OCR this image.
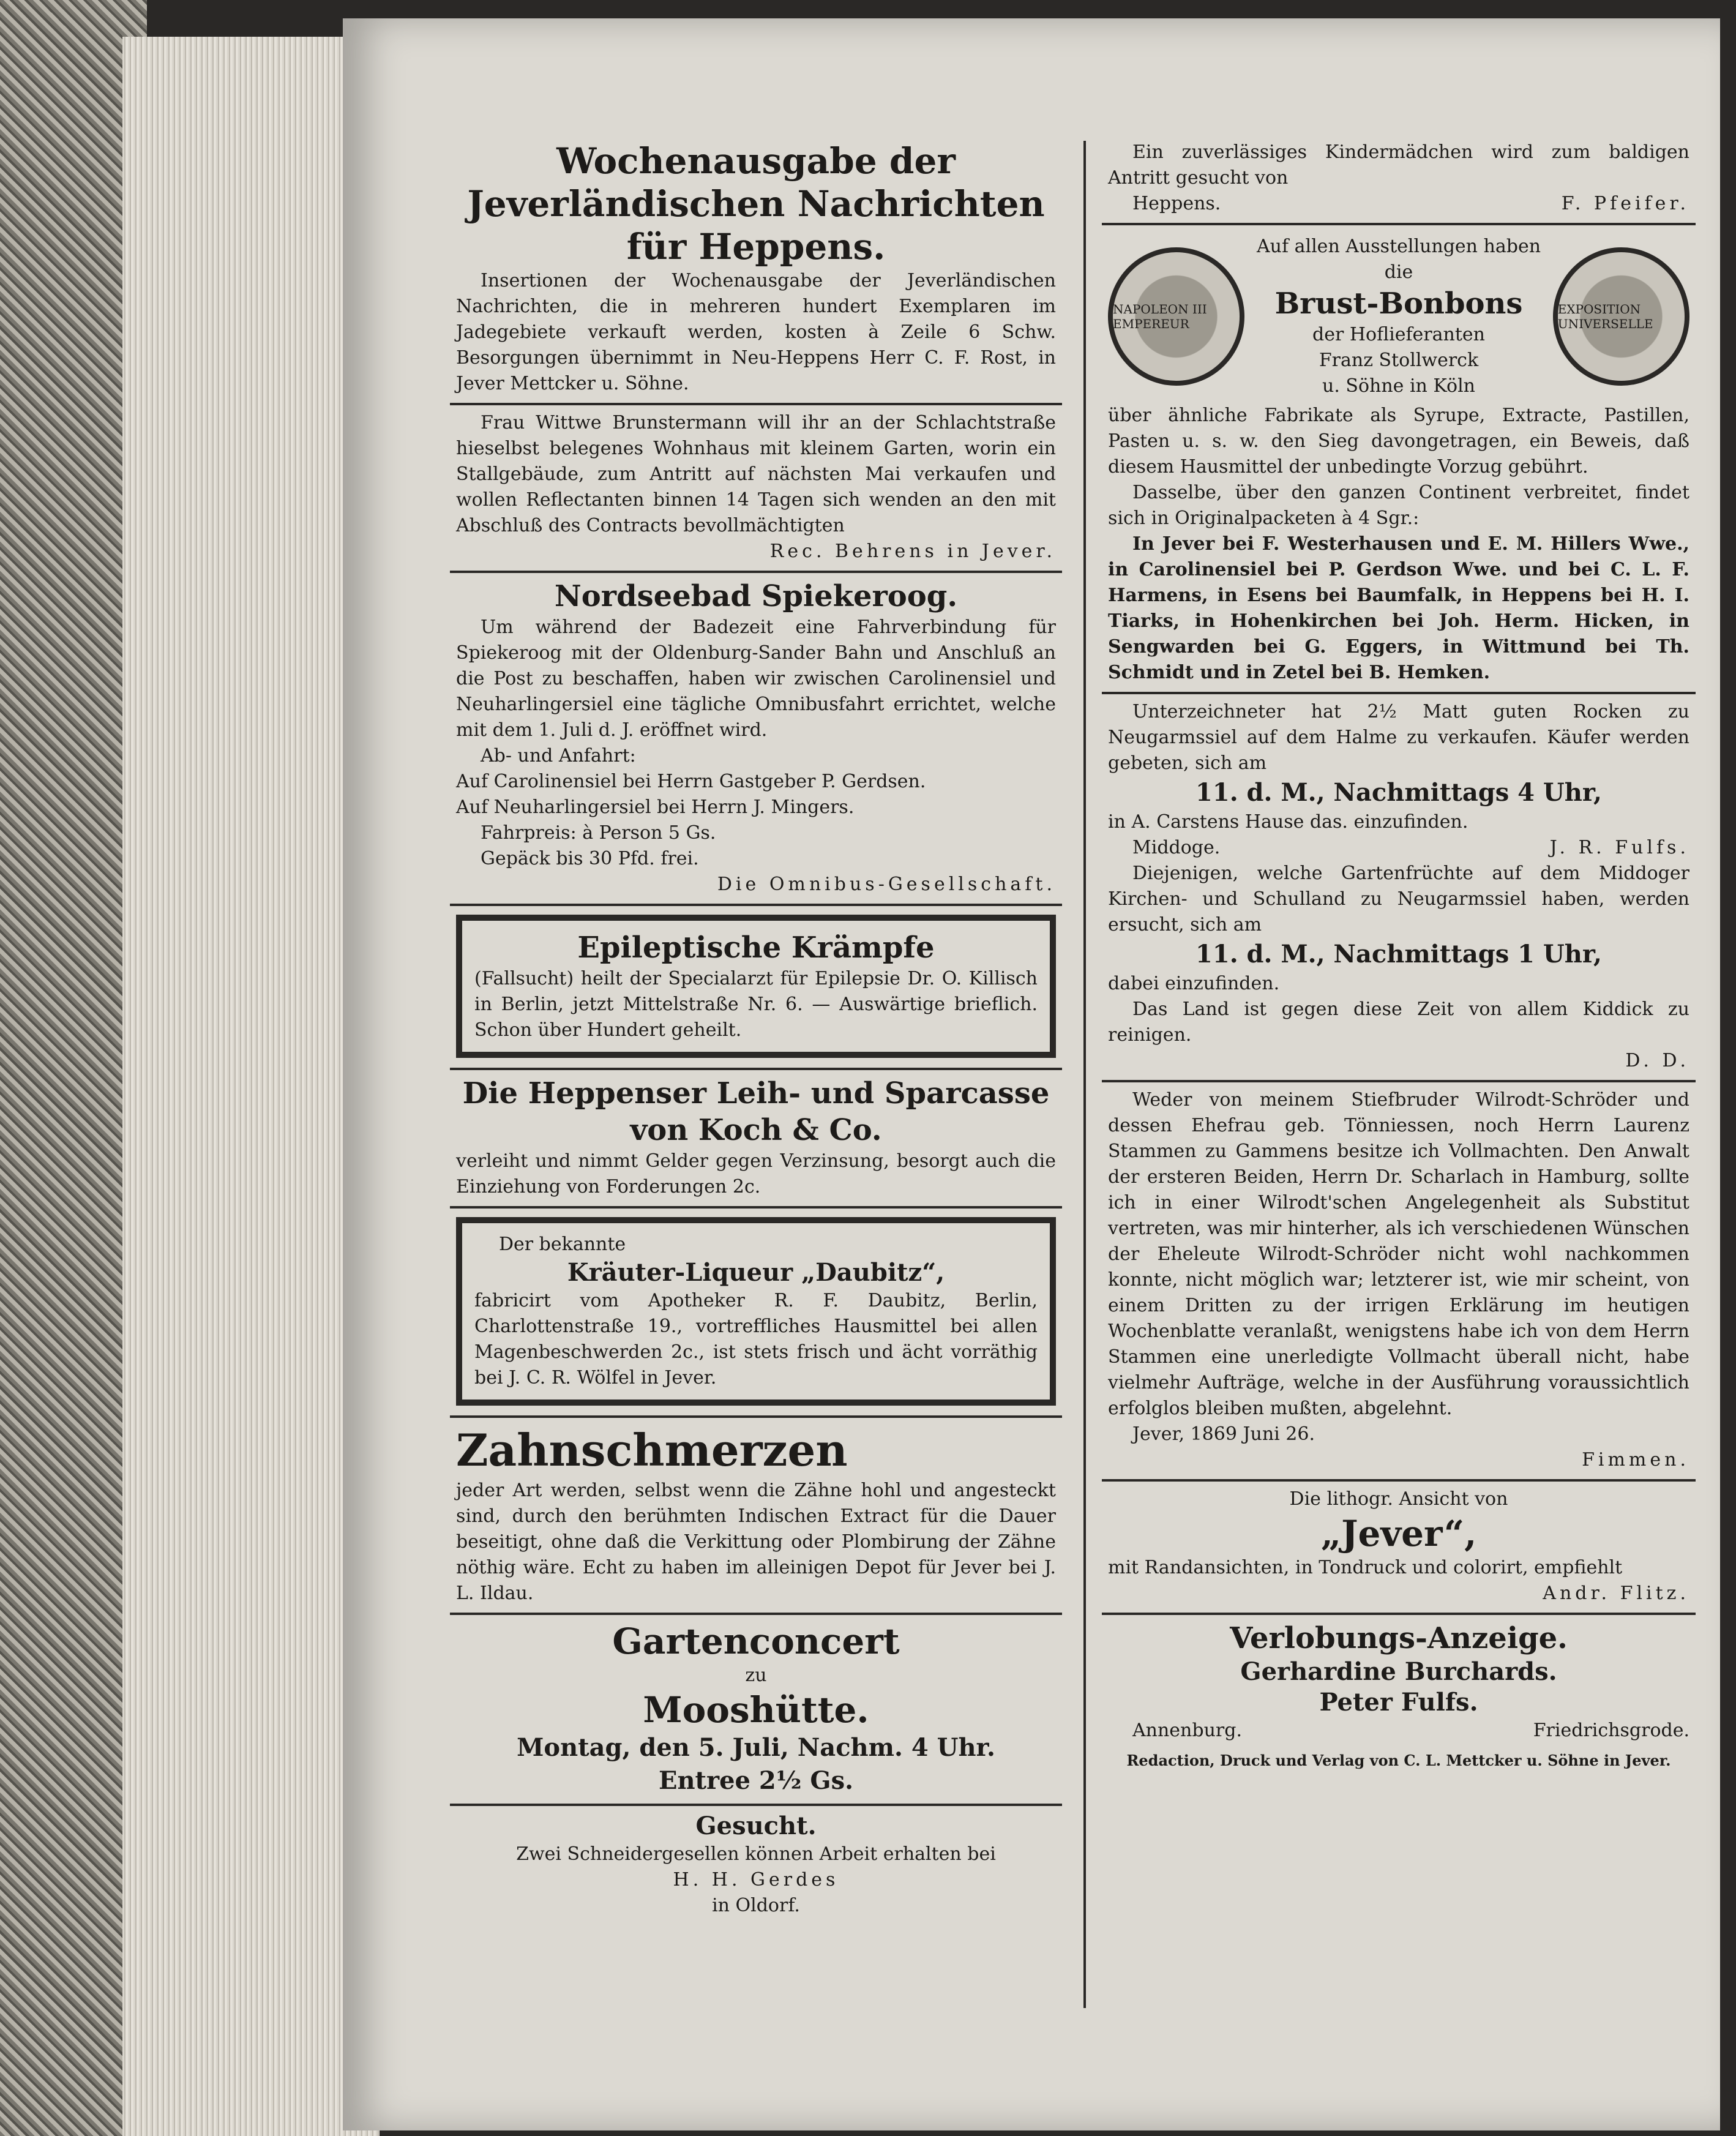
Wochenausgabe der Jeverländischen Nachrichten für Heppens.

Insertionen der Wochenausgabe der Jeverländischen Nachrichten, die in mehreren hundert Exemplaren im Jadegebiete verkauft werden, kosten à Zeile 6 Schw. Besorgungen übernimmt in Neu-Heppens Herr C. F. Rost, in Jever Mettcker u. Söhne.

Frau Wittwe Brunstermann will ihr an der Schlachtstraße hieselbst belegenes Wohnhaus mit kleinem Garten, worin ein Stallgebäude, zum Antritt auf nächsten Mai verkaufen und wollen Reflectanten binnen 14 Tagen sich wenden an den mit Abschluß des Contracts bevollmächtigten

Rec. Behrens in Jever.

Nordseebad Spiekeroog.

Um während der Badezeit eine Fahrverbindung für Spiekeroog mit der Oldenburg-Sander Bahn und Anschluß an die Post zu beschaffen, haben wir zwischen Carolinensiel und Neuharlingersiel eine tägliche Omnibusfahrt errichtet, welche mit dem 1. Juli d. J. eröffnet wird.

Ab- und Anfahrt:

Auf Carolinensiel bei Herrn Gastgeber P. Gerdsen.

Auf Neuharlingersiel bei Herrn J. Mingers.

Fahrpreis: à Person 5 Gs.

Gepäck bis 30 Pfd. frei.

Die Omnibus-Gesellschaft.

Epileptische Krämpfe

(Fallsucht) heilt der Specialarzt für Epilepsie Dr. O. Killisch in Berlin, jetzt Mittelstraße Nr. 6. — Auswärtige brieflich. Schon über Hundert geheilt.

Die Heppenser Leih- und Sparcasse von Koch & Co.

verleiht und nimmt Gelder gegen Verzinsung, besorgt auch die Einziehung von Forderungen 2c.

Der bekannte

Kräuter-Liqueur „Daubitz“,

fabricirt vom Apotheker R. F. Daubitz, Berlin, Charlottenstraße 19., vortreffliches Hausmittel bei allen Magenbeschwerden 2c., ist stets frisch und ächt vorräthig bei J. C. R. Wölfel in Jever.

Zahnschmerzen

jeder Art werden, selbst wenn die Zähne hohl und angesteckt sind, durch den berühmten Indischen Extract für die Dauer beseitigt, ohne daß die Verkittung oder Plombirung der Zähne nöthig wäre. Echt zu haben im alleinigen Depot für Jever bei J. L. Ildau.

Gartenconcert

zu

Mooshütte.

Montag, den 5. Juli, Nachm. 4 Uhr.

Entree 2½ Gs.

Gesucht.

Zwei Schneidergesellen können Arbeit erhalten bei

H. H. Gerdes

in Oldorf.

Ein zuverlässiges Kindermädchen wird zum baldigen Antritt gesucht von

Heppens.	F. Pfeifer.
NAPOLEON III EMPEREUR

Auf allen Ausstellungen haben die

Brust-Bonbons

der Hoflieferanten

Franz Stollwerck

u. Söhne in Köln

EXPOSITION UNIVERSELLE

über ähnliche Fabrikate als Syrupe, Extracte, Pastillen, Pasten u. s. w. den Sieg davongetragen, ein Beweis, daß diesem Hausmittel der unbedingte Vorzug gebührt.

Dasselbe, über den ganzen Continent verbreitet, findet sich in Originalpacketen à 4 Sgr.:

In Jever bei F. Westerhausen und E. M. Hillers Wwe., in Carolinensiel bei P. Gerdson Wwe. und bei C. L. F. Harmens, in Esens bei Baumfalk, in Heppens bei H. I. Tiarks, in Hohenkirchen bei Joh. Herm. Hicken, in Sengwarden bei G. Eggers, in Wittmund bei Th. Schmidt und in Zetel bei B. Hemken.

Unterzeichneter hat 2½ Matt guten Rocken zu Neugarmssiel auf dem Halme zu verkaufen. Käufer werden gebeten, sich am

11. d. M., Nachmittags 4 Uhr,

in A. Carstens Hause das. einzufinden.

Middoge.	J. R. Fulfs.

Diejenigen, welche Gartenfrüchte auf dem Middoger Kirchen- und Schulland zu Neugarmssiel haben, werden ersucht, sich am

11. d. M., Nachmittags 1 Uhr,

dabei einzufinden.

Das Land ist gegen diese Zeit von allem Kiddick zu reinigen.

D. D.

Weder von meinem Stiefbruder Wilrodt-Schröder und dessen Ehefrau geb. Tönniessen, noch Herrn Laurenz Stammen zu Gammens besitze ich Vollmachten. Den Anwalt der ersteren Beiden, Herrn Dr. Scharlach in Hamburg, sollte ich in einer Wilrodt'schen Angelegenheit als Substitut vertreten, was mir hinterher, als ich verschiedenen Wünschen der Eheleute Wilrodt-Schröder nicht wohl nachkommen konnte, nicht möglich war; letzterer ist, wie mir scheint, von einem Dritten zu der irrigen Erklärung im heutigen Wochenblatte veranlaßt, wenigstens habe ich von dem Herrn Stammen eine unerledigte Vollmacht überall nicht, habe vielmehr Aufträge, welche in der Ausführung voraussichtlich erfolglos bleiben mußten, abgelehnt.

Jever, 1869 Juni 26.

Fimmen.

Die lithogr. Ansicht von

„Jever“,

mit Randansichten, in Tondruck und colorirt, empfiehlt

Andr. Flitz.

Verlobungs-Anzeige.

Gerhardine Burchards.

Peter Fulfs.

Annenburg.	Friedrichsgrode.

Redaction, Druck und Verlag von C. L. Mettcker u. Söhne in Jever.
